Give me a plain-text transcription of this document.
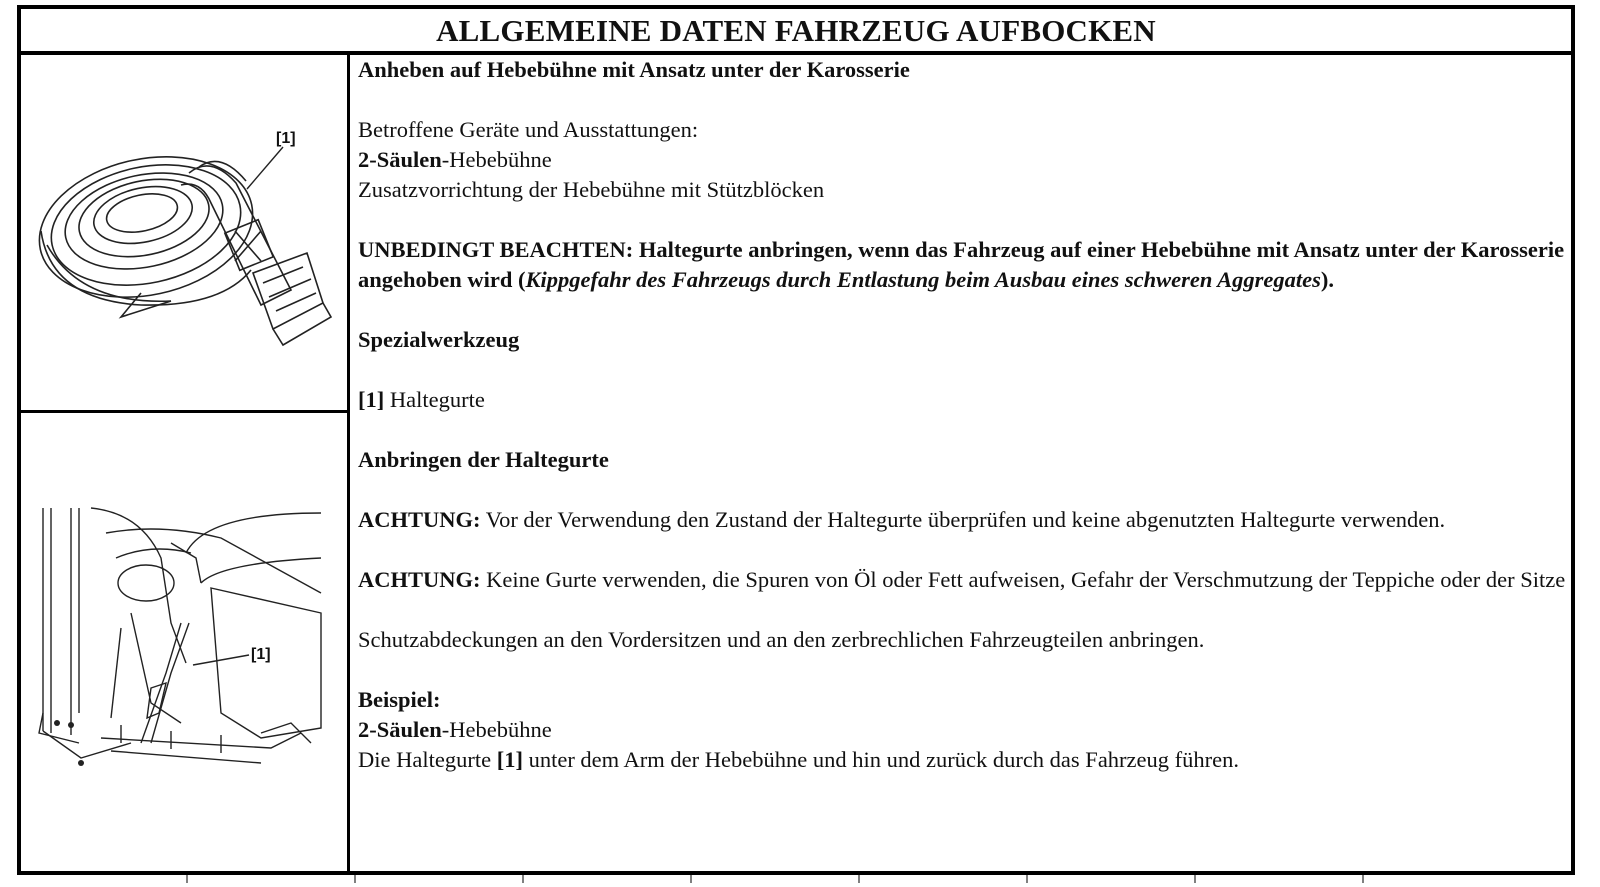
ALLGEMEINE DATEN FAHRZEUG AUFBOCKEN
[1]
[1]

Anheben auf Hebebühne mit Ansatz unter der Karosserie

Betroffene Geräte und Ausstattungen:

2-Säulen-Hebebühne

Zusatzvorrichtung der Hebebühne mit Stützblöcken

UNBEDINGT BEACHTEN: Haltegurte anbringen, wenn das Fahrzeug auf einer Hebebühne mit Ansatz unter der Karosserie angehoben wird (Kippgefahr des Fahrzeugs durch Entlastung beim Ausbau eines schweren Aggregates).

Spezialwerkzeug

[1] Haltegurte

Anbringen der Haltegurte

ACHTUNG: Vor der Verwendung den Zustand der Haltegurte überprüfen und keine abgenutzten Haltegurte verwenden.

ACHTUNG: Keine Gurte verwenden, die Spuren von Öl oder Fett aufweisen, Gefahr der Verschmutzung der Teppiche oder der Sitze

Schutzabdeckungen an den Vordersitzen und an den zerbrechlichen Fahrzeugteilen anbringen.

Beispiel:

2-Säulen-Hebebühne

Die Haltegurte [1] unter dem Arm der Hebebühne und hin und zurück durch das Fahrzeug führen.
